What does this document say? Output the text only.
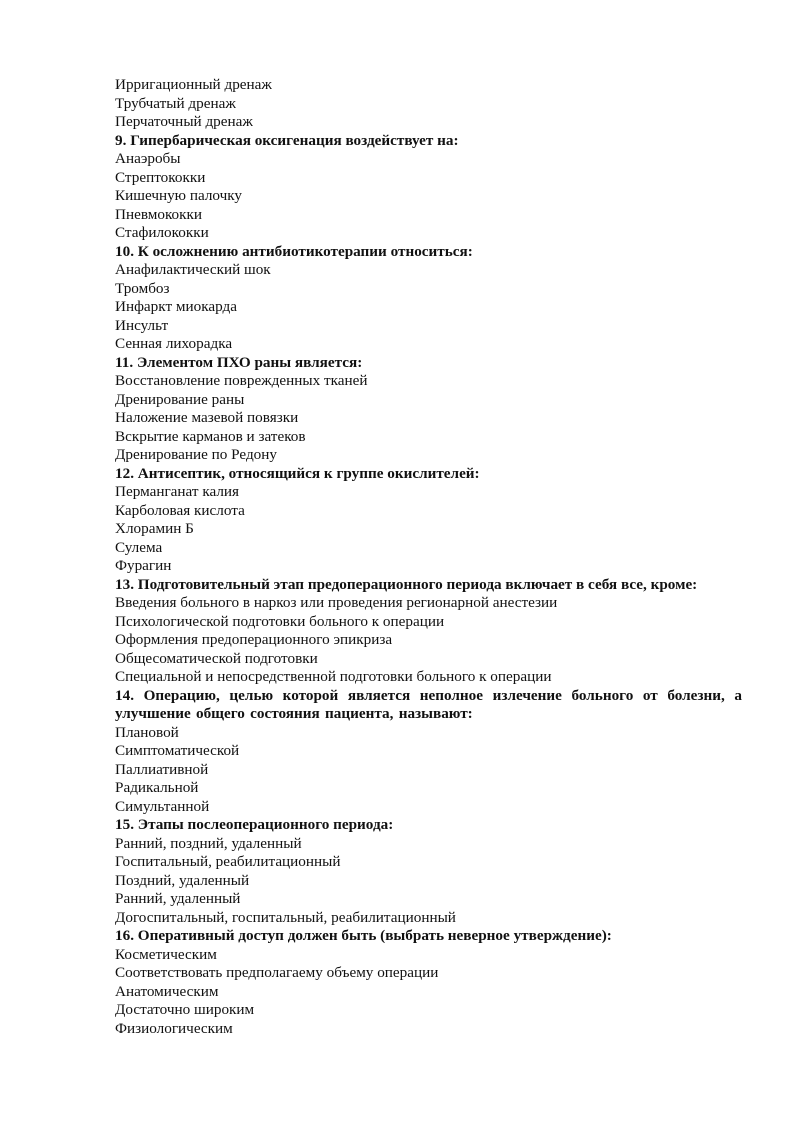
Ирригационный дренаж
Трубчатый дренаж
Перчаточный дренаж
9. Гипербарическая оксигенация воздействует на:
Анаэробы
Стрептококки
Кишечную палочку
Пневмококки
Стафилококки
10. К осложнению антибиотикотерапии относиться:
Анафилактический шок
Тромбоз
Инфаркт миокарда
Инсульт
Сенная лихорадка
11. Элементом ПХО раны является:
Восстановление поврежденных тканей
Дренирование раны
Наложение мазевой повязки
Вскрытие карманов и затеков
Дренирование по Редону
12. Антисептик, относящийся к группе окислителей:
Перманганат калия
Карболовая кислота
Хлорамин Б
Сулема
Фурагин
13. Подготовительный этап предоперационного периода включает в себя все, кроме:
Введения больного в наркоз или проведения регионарной анестезии
Психологической подготовки больного к операции
Оформления предоперационного эпикриза
Общесоматической подготовки
Специальной и непосредственной подготовки больного к операции
14. Операцию, целью которой является неполное излечение больного от болезни, а улучшение общего состояния пациента, называют:
Плановой
Симптоматической
Паллиативной
Радикальной
Симультанной
15. Этапы послеоперационного периода:
Ранний, поздний, удаленный
Госпитальный, реабилитационный
Поздний, удаленный
Ранний, удаленный
Догоспитальный, госпитальный, реабилитационный
16. Оперативный доступ должен быть (выбрать неверное утверждение):
Косметическим
Соответствовать предполагаему объему операции
Анатомическим
Достаточно широким
Физиологическим
